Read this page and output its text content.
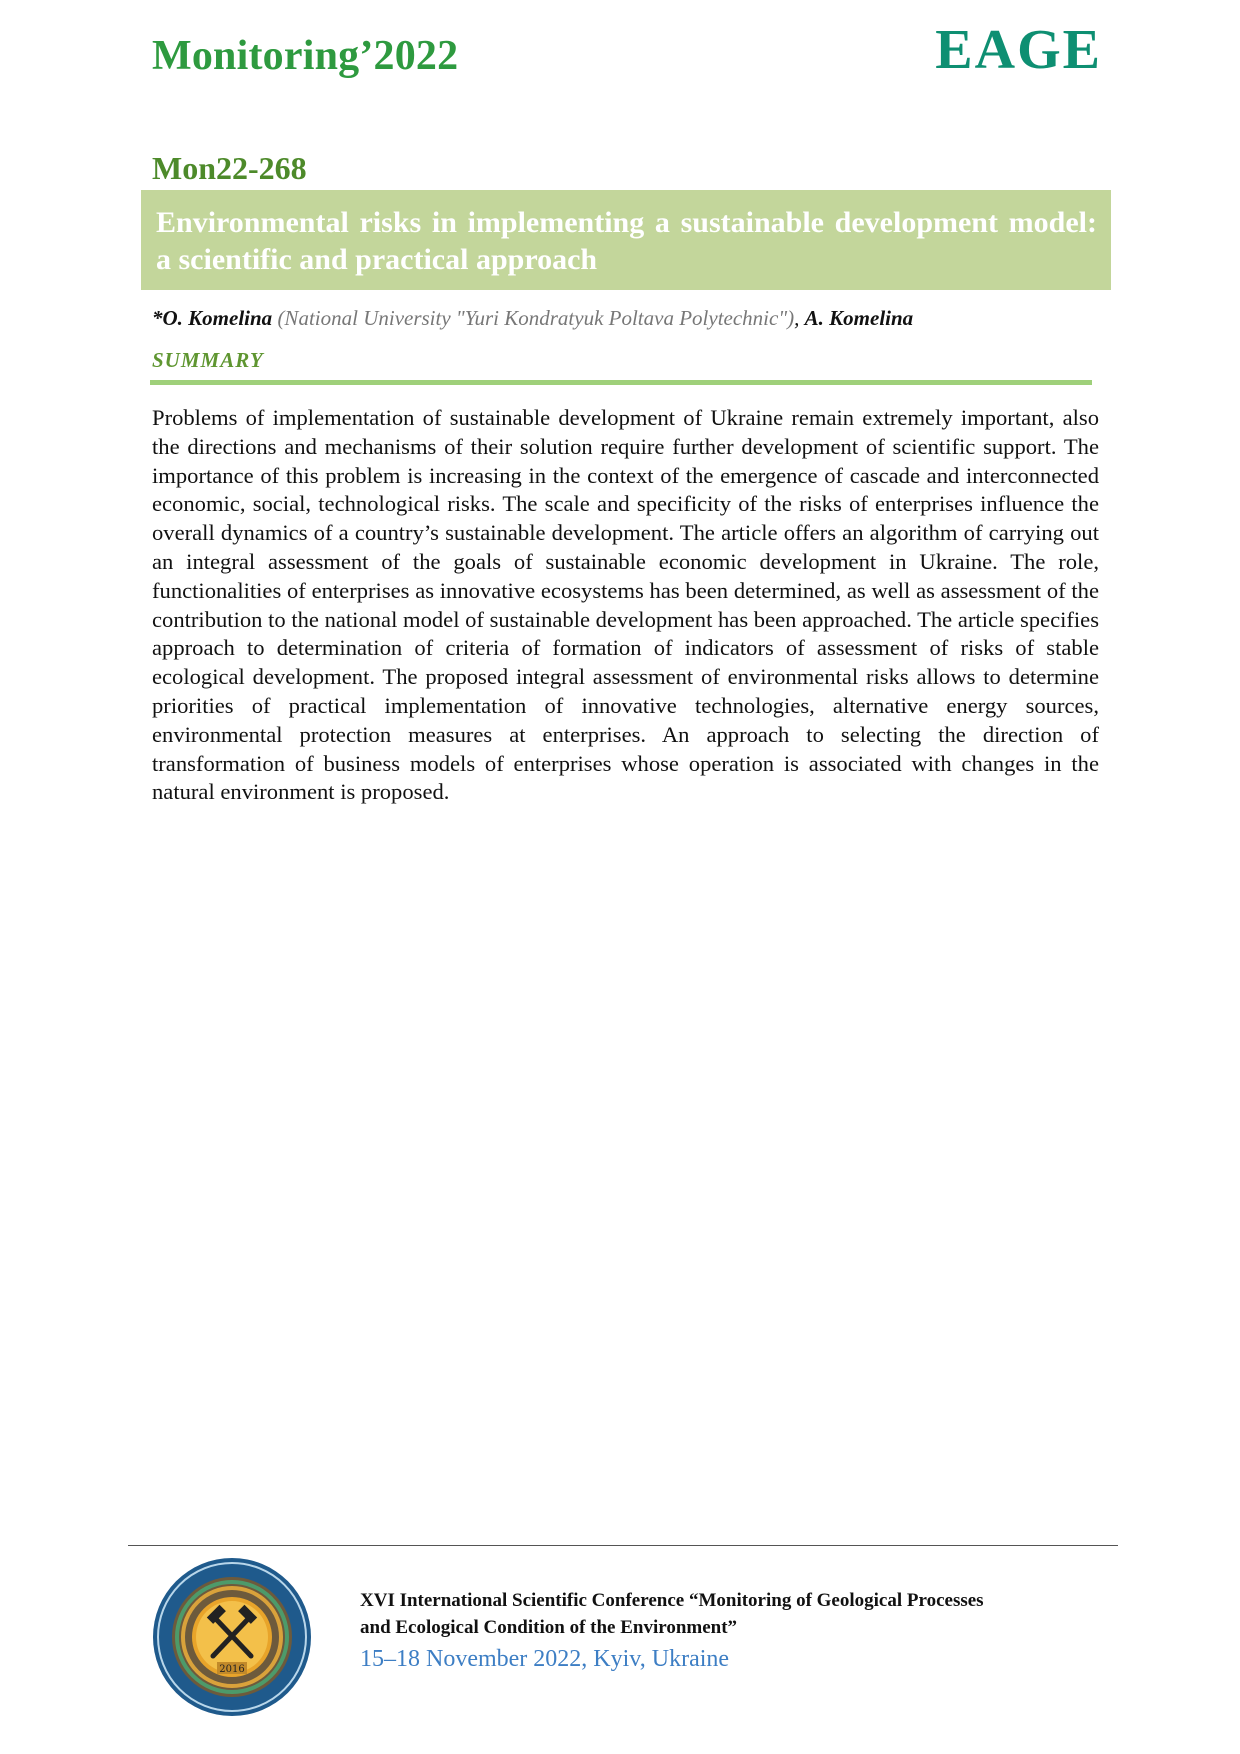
Monitoring’2022	EAGE
Mon22-268

Environmental risks in implementing a sustainable development model: a scientific and practical approach

*O. Komelina (National University "Yuri Kondratyuk Poltava Polytechnic"), A. Komelina
SUMMARY

Problems of implementation of sustainable development of Ukraine remain extremely important, also the directions and mechanisms of their solution require further development of scientific support. The importance of this problem is increasing in the context of the emergence of cascade and interconnected economic, social, technological risks. The scale and specificity of the risks of enterprises influence the overall dynamics of a country’s sustainable development. The article offers an algorithm of carrying out an integral assessment of the goals of sustainable economic development in Ukraine. The role, functionalities of enterprises as innovative ecosystems has been determined, as well as assessment of the contribution to the national model of sustainable development has been approached. The article specifies approach to determination of criteria of formation of indicators of assessment of risks of stable ecological development. The proposed integral assessment of environmental risks allows to determine priorities of practical implementation of innovative technologies, alternative energy sources, environmental protection measures at enterprises. An approach to selecting the direction of transformation of business models of enterprises whose operation is associated with changes in the natural environment is proposed.

2016
XVI International Scientific Conference “Monitoring of Geological Processes
and Ecological Condition of the Environment”
15–18 November 2022, Kyiv, Ukraine
